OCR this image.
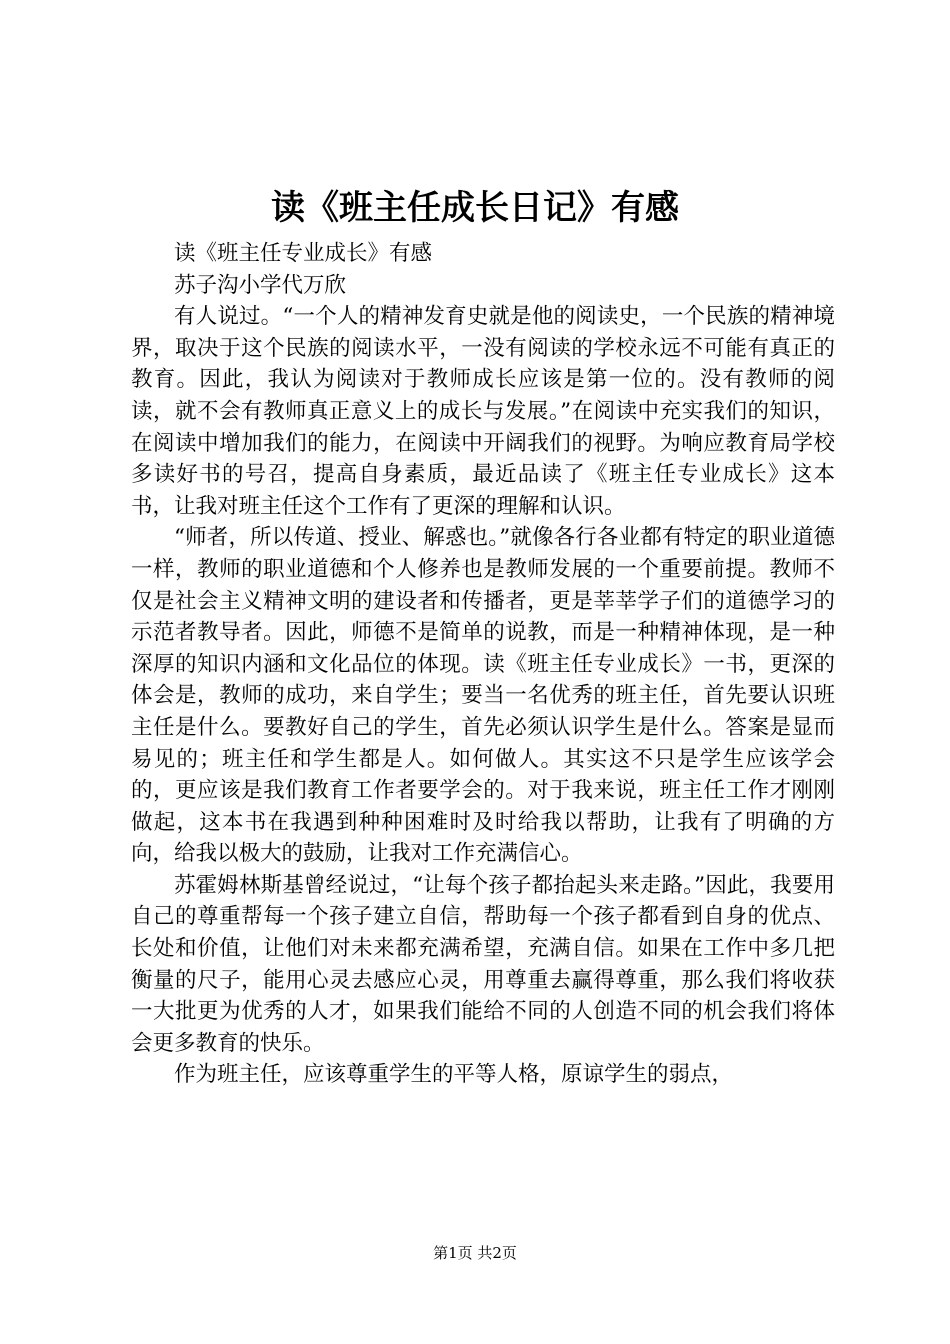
读《班主任成长日记》有感

读《班主任专业成长》有感

苏子沟小学代万欣

有人说过。“一个人的精神发育史就是他的阅读史，一个民族的精神境界，取决于这个民族的阅读水平，一没有阅读的学校永远不可能有真正的教育。因此，我认为阅读对于教师成长应该是第一位的。没有教师的阅读，就不会有教师真正意义上的成长与发展。”在阅读中充实我们的知识，在阅读中增加我们的能力，在阅读中开阔我们的视野。为响应教育局学校多读好书的号召，提高自身素质，最近品读了《班主任专业成长》这本书，让我对班主任这个工作有了更深的理解和认识。

“师者，所以传道、授业、解惑也。”就像各行各业都有特定的职业道德一样，教师的职业道德和个人修养也是教师发展的一个重要前提。教师不仅是社会主义精神文明的建设者和传播者，更是莘莘学子们的道德学习的示范者教导者。因此，师德不是简单的说教，而是一种精神体现，是一种深厚的知识内涵和文化品位的体现。读《班主任专业成长》一书，更深的体会是，教师的成功，来自学生；要当一名优秀的班主任，首先要认识班主任是什么。要教好自己的学生，首先必须认识学生是什么。答案是显而易见的；班主任和学生都是人。如何做人。其实这不只是学生应该学会的，更应该是我们教育工作者要学会的。对于我来说，班主任工作才刚刚做起，这本书在我遇到种种困难时及时给我以帮助，让我有了明确的方向，给我以极大的鼓励，让我对工作充满信心。

苏霍姆林斯基曾经说过，“让每个孩子都抬起头来走路。”因此，我要用自己的尊重帮每一个孩子建立自信，帮助每一个孩子都看到自身的优点、长处和价值，让他们对未来都充满希望，充满自信。如果在工作中多几把衡量的尺子，能用心灵去感应心灵，用尊重去赢得尊重，那么我们将收获一大批更为优秀的人才，如果我们能给不同的人创造不同的机会我们将体会更多教育的快乐。

作为班主任，应该尊重学生的平等人格，原谅学生的弱点，

第1页 共2页
